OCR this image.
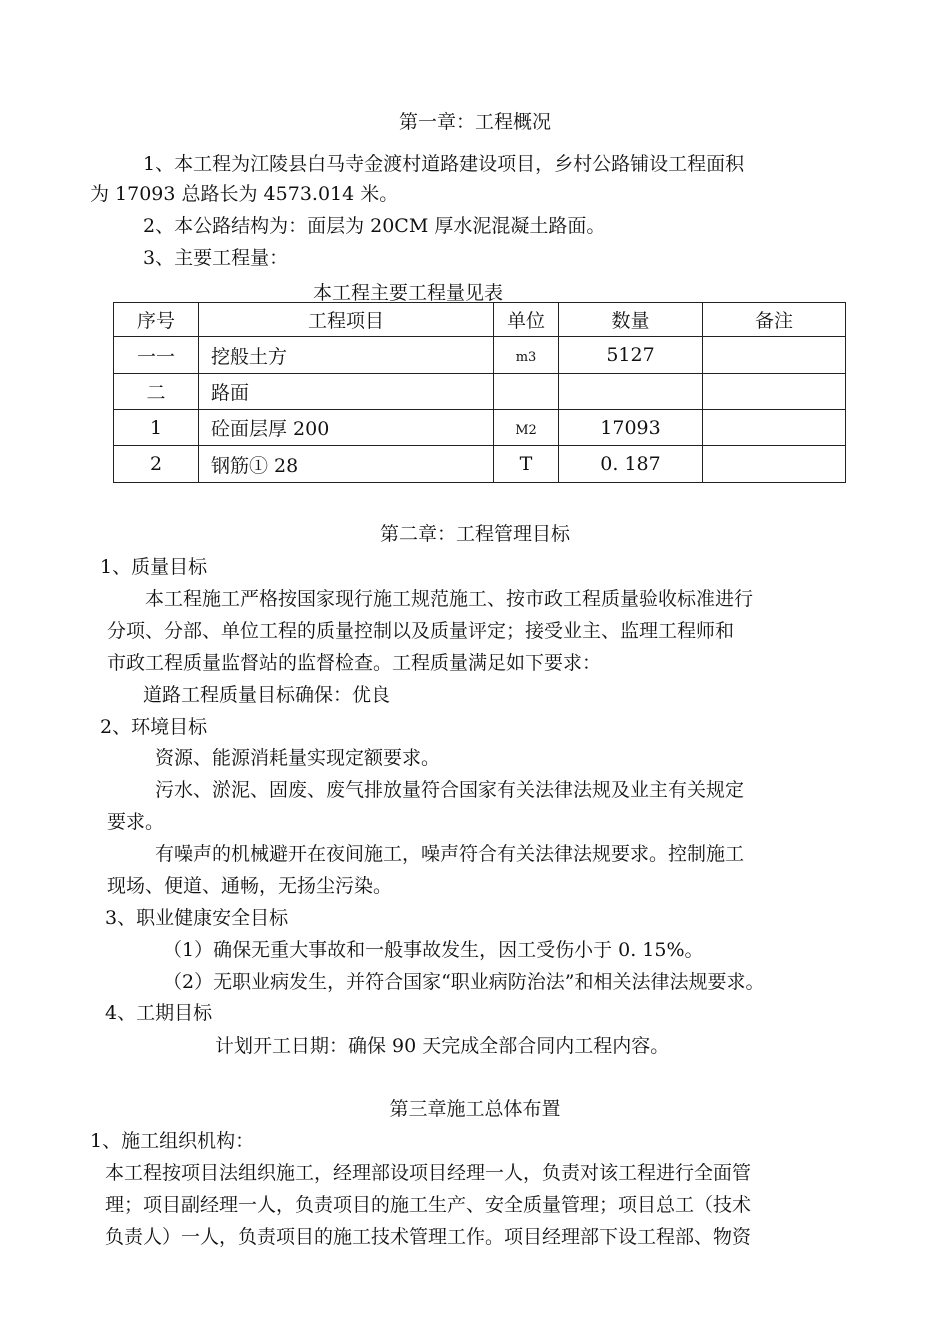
第一章：工程概况
1、本工程为江陵县白马寺金渡村道路建设项目，乡村公路铺设工程面积
为 17093 总路长为 4573.014 米。
2、本公路结构为：面层为 20CM 厚水泥混凝土路面。
3、主要工程量：
本工程主要工程量见表
序号	工程项目	单位	数量	备注
一一	挖般土方	m3	5127	
二	路面			
1	砼面层厚 200	M2	17093	
2	钢筋① 28	T	0. 187	
第二章：工程管理目标
1、质量目标
本工程施工严格按国家现行施工规范施工、按市政工程质量验收标准进行
分项、分部、单位工程的质量控制以及质量评定；接受业主、监理工程师和
市政工程质量监督站的监督检查。工程质量满足如下要求：
道路工程质量目标确保：优良
2、环境目标
资源、能源消耗量实现定额要求。
污水、淤泥、固废、废气排放量符合国家有关法律法规及业主有关规定
要求。
有噪声的机械避开在夜间施工，噪声符合有关法律法规要求。控制施工
现场、便道、通畅，无扬尘污染。
3、职业健康安全目标
（1）确保无重大事故和一般事故发生，因工受伤小于 0. 15%。
（2）无职业病发生，并符合国家“职业病防治法”和相关法律法规要求。
4、工期目标
计划开工日期：确保 90 天完成全部合同内工程内容。
第三章施工总体布置
1、施工组织机构：
本工程按项目法组织施工，经理部设项目经理一人，负责对该工程进行全面管
理；项目副经理一人，负责项目的施工生产、安全质量管理；项目总工（技术
负责人）一人，负责项目的施工技术管理工作。项目经理部下设工程部、物资
